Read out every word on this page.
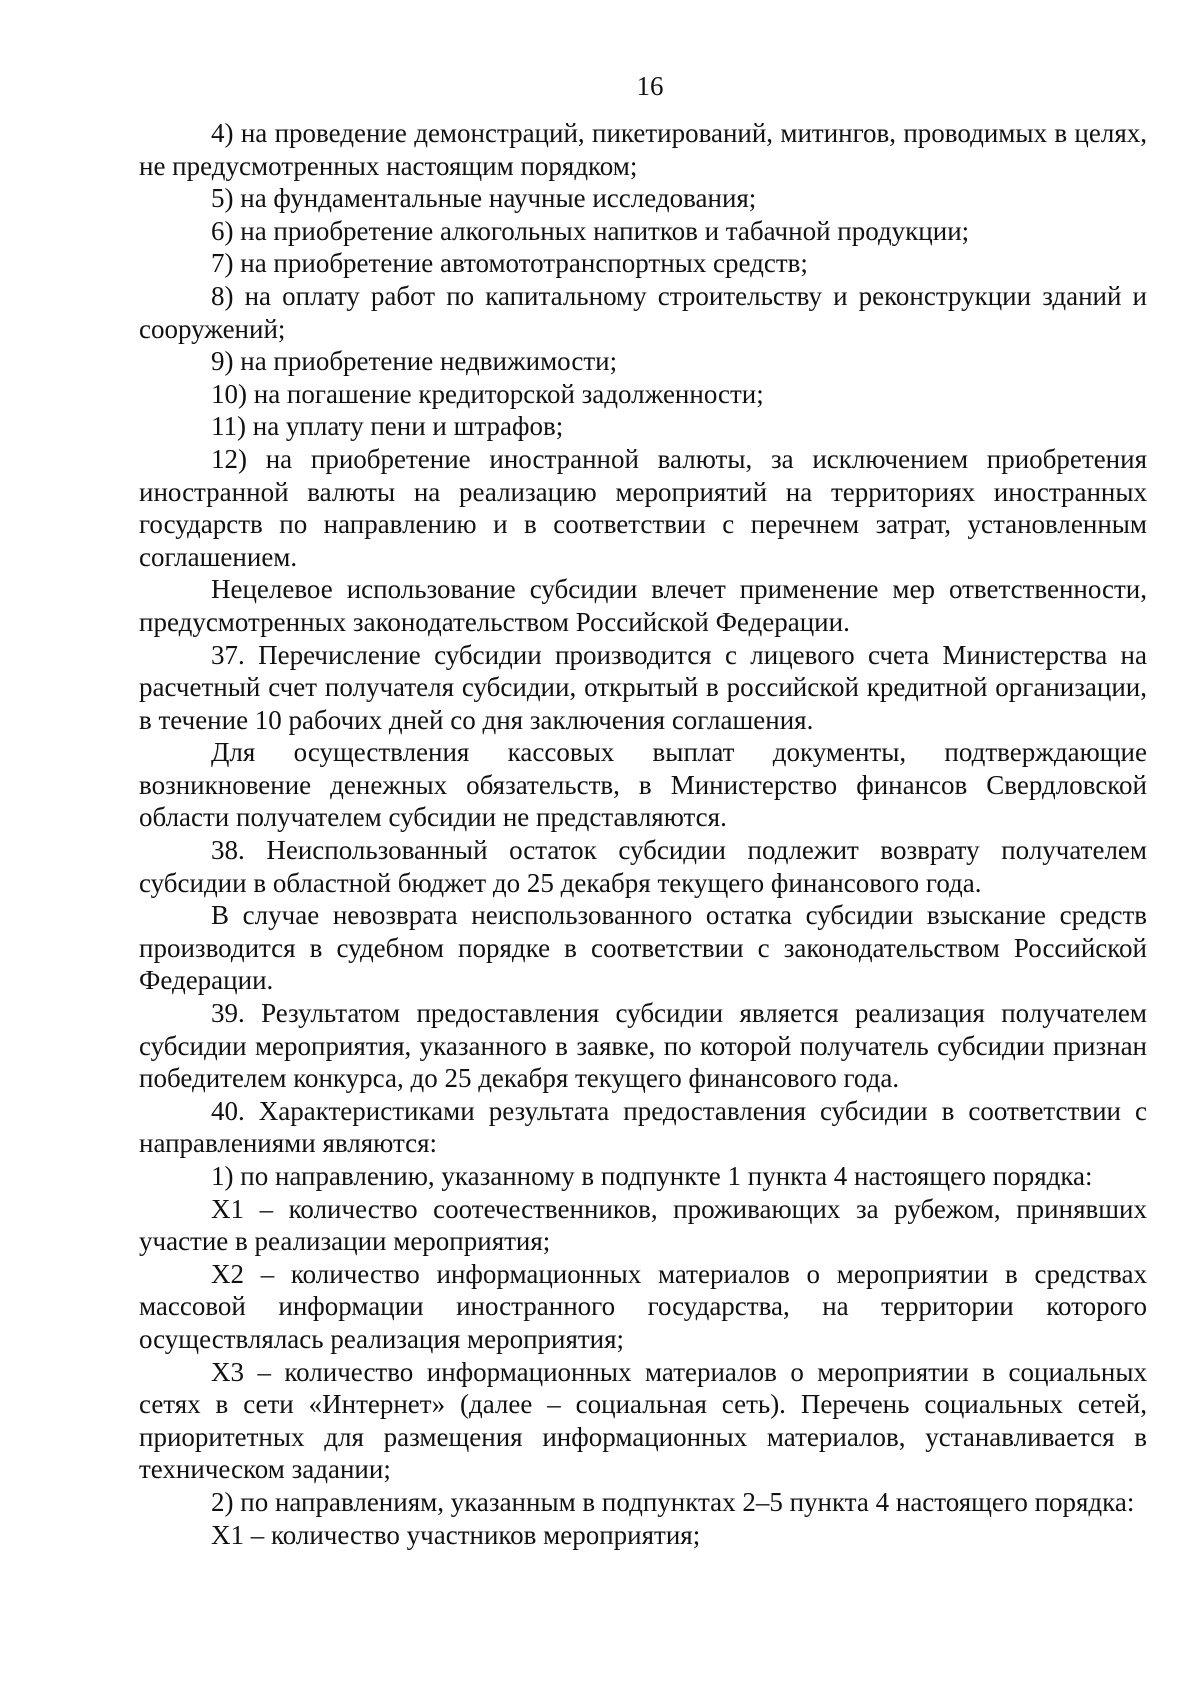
16

4) на проведение демонстраций, пикетирований, митингов, проводимых в целях, не предусмотренных настоящим порядком;

5) на фундаментальные научные исследования;

6) на приобретение алкогольных напитков и табачной продукции;

7) на приобретение автомототранспортных средств;

8) на оплату работ по капитальному строительству и реконструкции зданий и сооружений;

9) на приобретение недвижимости;

10) на погашение кредиторской задолженности;

11) на уплату пени и штрафов;

12) на приобретение иностранной валюты, за исключением приобретения иностранной валюты на реализацию мероприятий на территориях иностранных государств по направлению и в соответствии с перечнем затрат, установленным соглашением.

Нецелевое использование субсидии влечет применение мер ответственности, предусмотренных законодательством Российской Федерации.

37. Перечисление субсидии производится с лицевого счета Министерства на расчетный счет получателя субсидии, открытый в российской кредитной организации, в течение 10 рабочих дней со дня заключения соглашения.

Для осуществления кассовых выплат документы, подтверждающие возникновение денежных обязательств, в Министерство финансов Свердловской области получателем субсидии не представляются.

38. Неиспользованный остаток субсидии подлежит возврату получателем субсидии в областной бюджет до 25 декабря текущего финансового года.

В случае невозврата неиспользованного остатка субсидии взыскание средств производится в судебном порядке в соответствии с законодательством Российской Федерации.

39. Результатом предоставления субсидии является реализация получателем субсидии мероприятия, указанного в заявке, по которой получатель субсидии признан победителем конкурса, до 25 декабря текущего финансового года.

40. Характеристиками результата предоставления субсидии в соответствии с направлениями являются:

1) по направлению, указанному в подпункте 1 пункта 4 настоящего порядка:

X1 – количество соотечественников, проживающих за рубежом, принявших участие в реализации мероприятия;

X2 – количество информационных материалов о мероприятии в средствах массовой информации иностранного государства, на территории которого осуществлялась реализация мероприятия;

X3 – количество информационных материалов о мероприятии в социальных сетях в сети «Интернет» (далее – социальная сеть). Перечень социальных сетей, приоритетных для размещения информационных материалов, устанавливается в техническом задании;

2) по направлениям, указанным в подпунктах 2–5 пункта 4 настоящего порядка:

X1 – количество участников мероприятия;
